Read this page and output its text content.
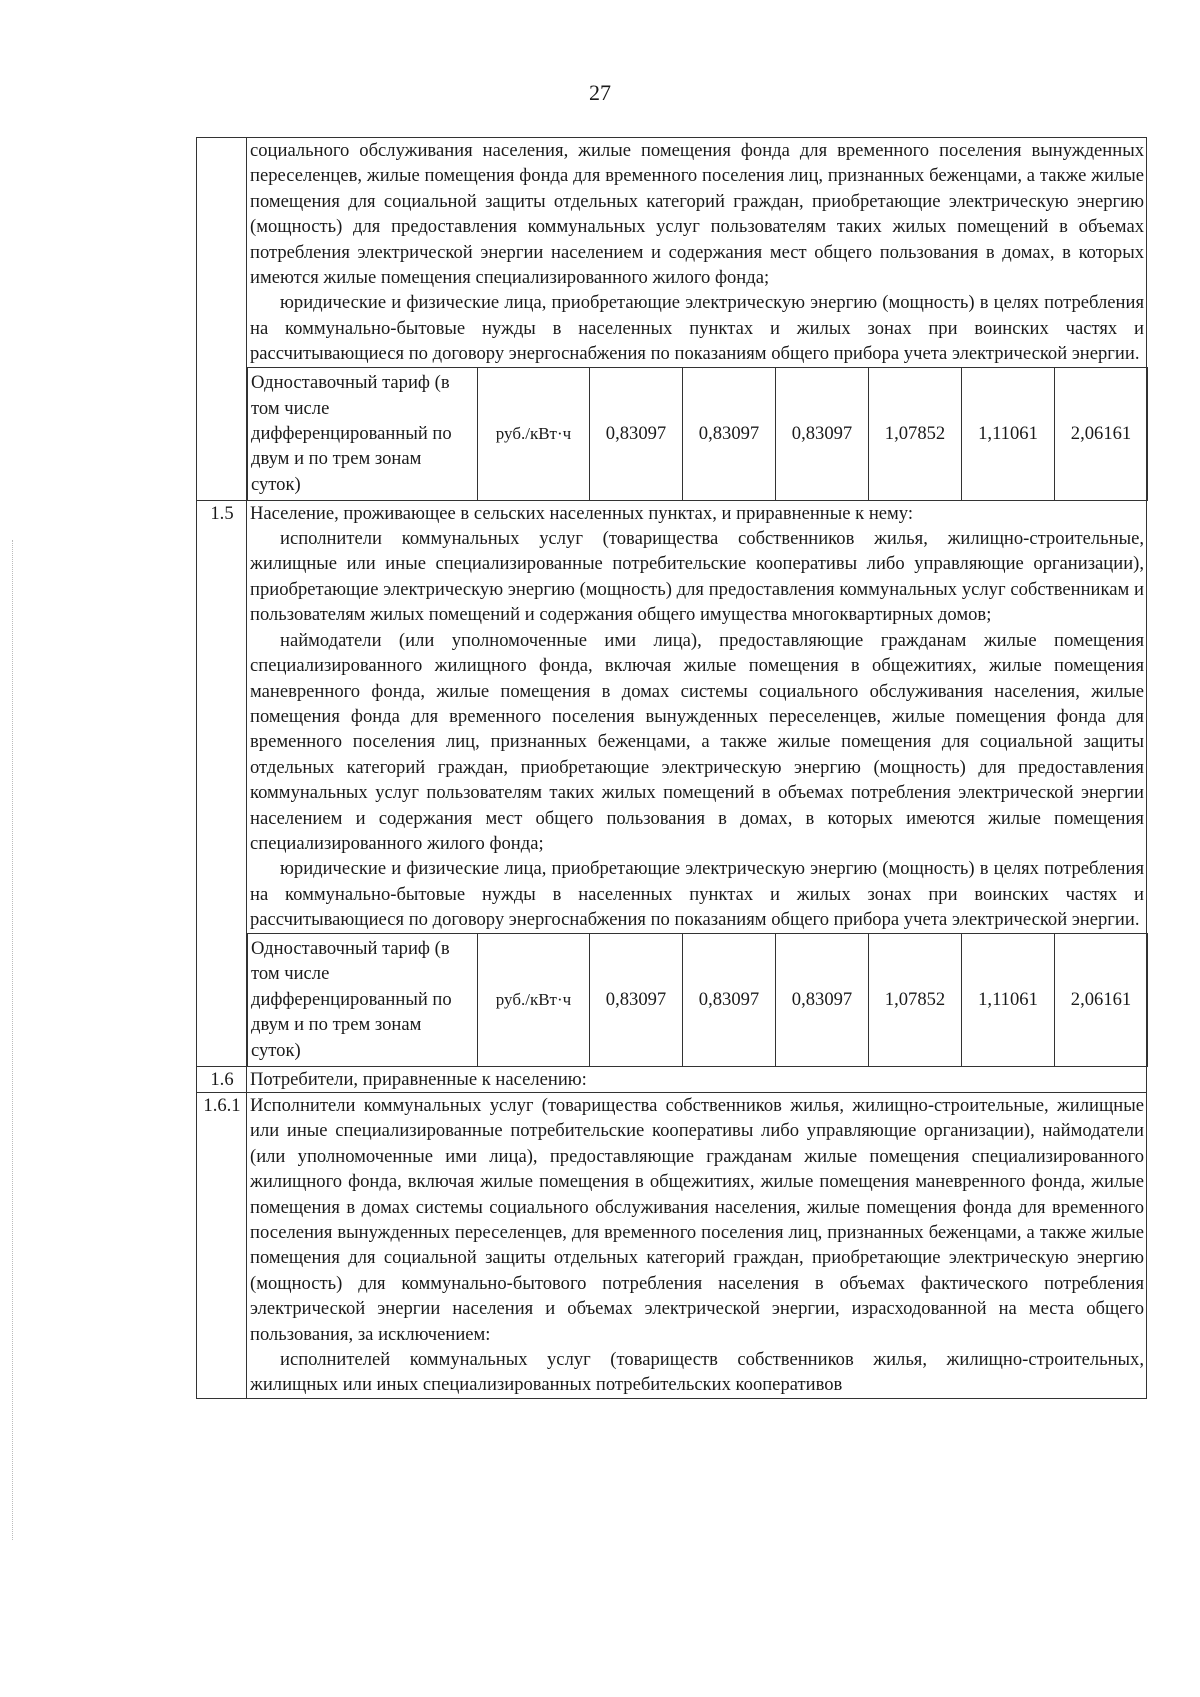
27

социального обслуживания населения, жилые помещения фонда для временного поселения вынужденных переселенцев, жилые помещения фонда для временного поселения лиц, признанных беженцами, а также жилые помещения для социальной защиты отдельных категорий граждан, приобретающие электрическую энергию (мощность) для предоставления коммунальных услуг пользователям таких жилых помещений в объемах потребления электрической энергии населением и содержания мест общего пользования в домах, в которых имеются жилые помещения специализированного жилого фонда;

юридические и физические лица, приобретающие электрическую энергию (мощность) в целях потребления на коммунально-бытовые нужды в населенных пунктах и жилых зонах при воинских частях и рассчитывающиеся по договору энергоснабжения по показаниям общего прибора учета электрической энергии.

Одноставочный тариф (в том числе дифференцированный по двум и по трем зонам суток)	руб./кВт·ч	0,83097	0,83097	0,83097	1,07852	1,11061	2,06161

1.5	Население, проживающее в сельских населенных пунктах, и приравненные к нему:

исполнители коммунальных услуг (товарищества собственников жилья, жилищно-строительные, жилищные или иные специализированные потребительские кооперативы либо управляющие организации), приобретающие электрическую энергию (мощность) для предоставления коммунальных услуг собственникам и пользователям жилых помещений и содержания общего имущества многоквартирных домов;

наймодатели (или уполномоченные ими лица), предоставляющие гражданам жилые помещения специализированного жилищного фонда, включая жилые помещения в общежитиях, жилые помещения маневренного фонда, жилые помещения в домах системы социального обслуживания населения, жилые помещения фонда для временного поселения вынужденных переселенцев, жилые помещения фонда для временного поселения лиц, признанных беженцами, а также жилые помещения для социальной защиты отдельных категорий граждан, приобретающие электрическую энергию (мощность) для предоставления коммунальных услуг пользователям таких жилых помещений в объемах потребления электрической энергии населением и содержания мест общего пользования в домах, в которых имеются жилые помещения специализированного жилого фонда;

юридические и физические лица, приобретающие электрическую энергию (мощность) в целях потребления на коммунально-бытовые нужды в населенных пунктах и жилых зонах при воинских частях и рассчитывающиеся по договору энергоснабжения по показаниям общего прибора учета электрической энергии.

Одноставочный тариф (в том числе дифференцированный по двум и по трем зонам суток)	руб./кВт·ч	0,83097	0,83097	0,83097	1,07852	1,11061	2,06161

1.6	Потребители, приравненные к населению:

1.6.1	Исполнители коммунальных услуг (товарищества собственников жилья, жилищно-строительные, жилищные или иные специализированные потребительские кооперативы либо управляющие организации), наймодатели (или уполномоченные ими лица), предоставляющие гражданам жилые помещения специализированного жилищного фонда, включая жилые помещения в общежитиях, жилые помещения маневренного фонда, жилые помещения в домах системы социального обслуживания населения, жилые помещения фонда для временного поселения вынужденных переселенцев, для временного поселения лиц, признанных беженцами, а также жилые помещения для социальной защиты отдельных категорий граждан, приобретающие электрическую энергию (мощность) для коммунально-бытового потребления населения в объемах фактического потребления электрической энергии населения и объемах электрической энергии, израсходованной на места общего пользования, за исключением:

исполнителей коммунальных услуг (товариществ собственников жилья, жилищно-строительных, жилищных или иных специализированных потребительских кооперативов
